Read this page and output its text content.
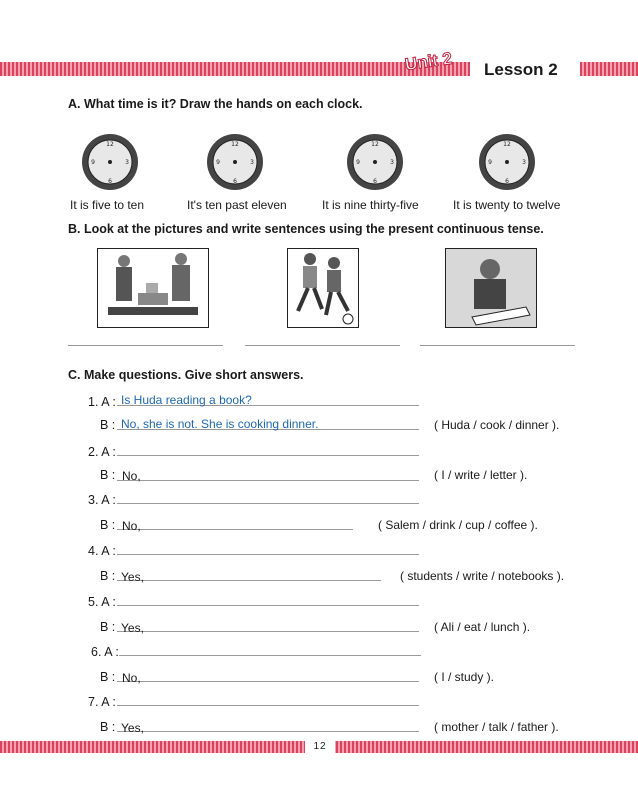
Unit 2 Lesson 2
A. What time is it? Draw the hands on each clock.
12
3
6
9
12
3
6
9
12
3
6
9
12
3
6
9
It is five to ten	It's ten past eleven	It is nine thirty-five	It is twenty to twelve
B. Look at the pictures and write sentences using the present continuous tense.
C. Make questions. Give short answers.
1. A : Is Huda reading a book?
B : No, she is not. She is cooking dinner.	( Huda / cook / dinner ).
2. A :
B : No,	( I / write / letter ).
3. A :
B : No,	( Salem / drink / cup / coffee ).
4. A :
B : Yes,	( students / write / notebooks ).
5. A :
B : Yes,	( Ali / eat / lunch ).
6. A :
B : No,	( I / study ).
7. A :
B : Yes,	( mother / talk / father ).
12
